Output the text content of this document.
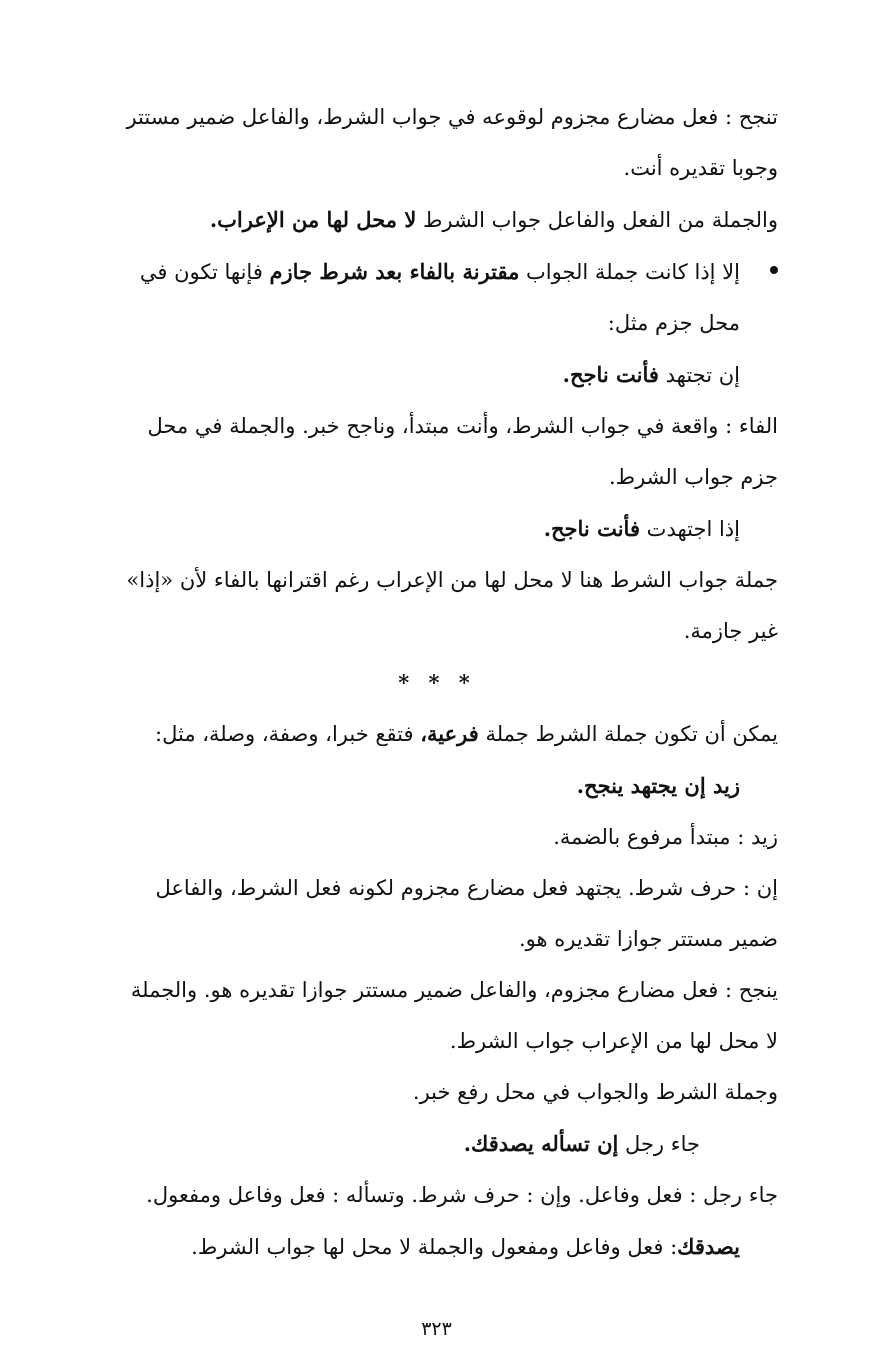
تنجح : فعل مضارع مجزوم لوقوعه في جواب الشرط، والفاعل ضمير مستتر

وجوبا تقديره أنت.

والجملة من الفعل والفاعل جواب الشرط لا محل لها من الإعراب.

إلا إذا كانت جملة الجواب مقترنة بالفاء بعد شرط جازم فإنها تكون في

محل جزم مثل:

إن تجتهد فأنت ناجح.

الفاء : واقعة في جواب الشرط، وأنت مبتدأ، وناجح خبر. والجملة في محل

جزم جواب الشرط.

إذا اجتهدت فأنت ناجح.

جملة جواب الشرط هنا لا محل لها من الإعراب رغم اقترانها بالفاء لأن «إذا»

غير جازمة.

* * *

يمكن أن تكون جملة الشرط جملة فرعية، فتقع خبرا، وصفة، وصلة، مثل:

زيد إن يجتهد ينجح.

زيد : مبتدأ مرفوع بالضمة.

إن : حرف شرط. يجتهد فعل مضارع مجزوم لكونه فعل الشرط، والفاعل

ضمير مستتر جوازا تقديره هو.

ينجح : فعل مضارع مجزوم، والفاعل ضمير مستتر جوازا تقديره هو. والجملة

لا محل لها من الإعراب جواب الشرط.

وجملة الشرط والجواب في محل رفع خبر.

جاء رجل إن تسأله يصدقك.

جاء رجل : فعل وفاعل. وإن : حرف شرط. وتسأله : فعل وفاعل ومفعول.

يصدقك: فعل وفاعل ومفعول والجملة لا محل لها جواب الشرط.

٣٢٣
